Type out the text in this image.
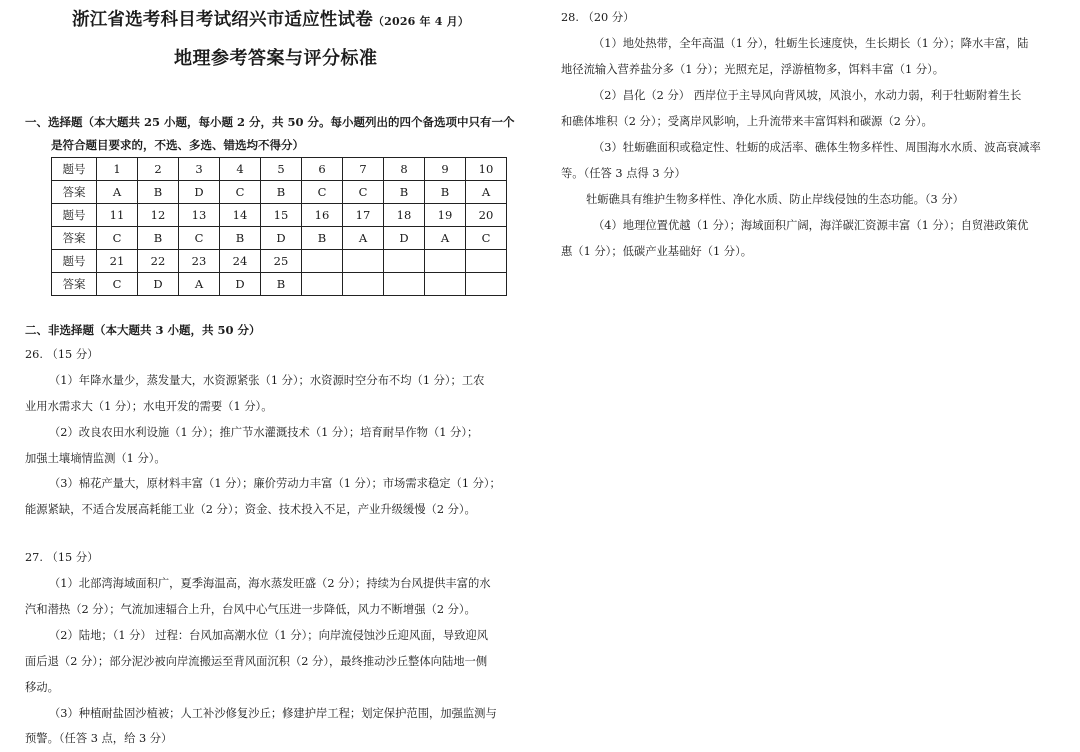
浙江省选考科目考试绍兴市适应性试卷（2026 年 4 月）
地理参考答案与评分标准
一、选择题（本大题共 25 小题，每小题 2 分，共 50 分。每小题列出的四个备选项中只有一个
是符合题目要求的，不选、多选、错选均不得分）
题号	1	2	3	4	5	6	7	8	9	10
答案	A	B	D	C	B	C	C	B	B	A
题号	11	12	13	14	15	16	17	18	19	20
答案	C	B	C	B	D	B	A	D	A	C
题号	21	22	23	24	25					
答案	C	D	A	D	B					
二、非选择题（本大题共 3 小题，共 50 分）
26. （15 分）
（1）年降水量少，蒸发量大，水资源紧张（1 分）；水资源时空分布不均（1 分）；工农
业用水需求大（1 分）；水电开发的需要（1 分）。
（2）改良农田水利设施（1 分）；推广节水灌溉技术（1 分）；培育耐旱作物（1 分）；
加强土壤墒情监测（1 分）。
（3）棉花产量大，原材料丰富（1 分）；廉价劳动力丰富（1 分）；市场需求稳定（1 分）；
能源紧缺，不适合发展高耗能工业（2 分）；资金、技术投入不足，产业升级缓慢（2 分）。
27. （15 分）
（1）北部湾海域面积广，夏季海温高，海水蒸发旺盛（2 分）；持续为台风提供丰富的水
汽和潜热（2 分）；气流加速辐合上升，台风中心气压进一步降低，风力不断增强（2 分）。
（2）陆地；（1 分） 过程：台风加高潮水位（1 分）；向岸流侵蚀沙丘迎风面，导致迎风
面后退（2 分）；部分泥沙被向岸流搬运至背风面沉积（2 分），最终推动沙丘整体向陆地一侧
移动。
（3）种植耐盐固沙植被；人工补沙修复沙丘；修建护岸工程；划定保护范围，加强监测与
预警。（任答 3 点，给 3 分）
28. （20 分）
（1）地处热带，全年高温（1 分），牡蛎生长速度快，生长期长（1 分）；降水丰富，陆
地径流输入营养盐分多（1 分）；光照充足，浮游植物多，饵料丰富（1 分）。
（2）昌化（2 分） 西岸位于主导风向背风坡，风浪小，水动力弱，利于牡蛎附着生长
和礁体堆积（2 分）；受离岸风影响，上升流带来丰富饵料和碳源（2 分）。
（3）牡蛎礁面积或稳定性、牡蛎的成活率、礁体生物多样性、周围海水水质、波高衰减率
等。（任答 3 点得 3 分）
牡蛎礁具有维护生物多样性、净化水质、防止岸线侵蚀的生态功能。（3 分）
（4）地理位置优越（1 分）；海域面积广阔，海洋碳汇资源丰富（1 分）；自贸港政策优
惠（1 分）；低碳产业基础好（1 分）。
